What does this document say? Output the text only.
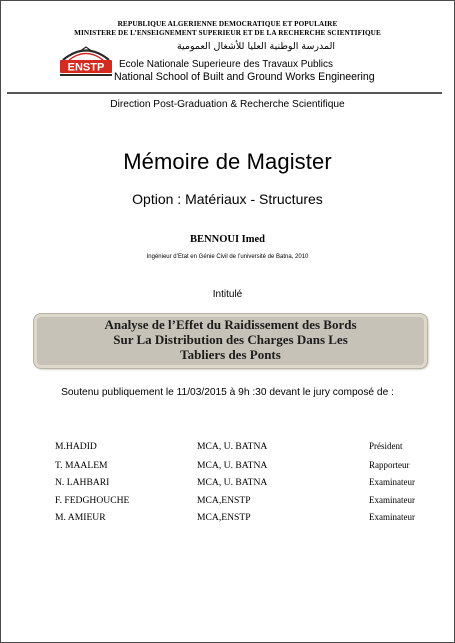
REPUBLIQUE ALGERIENNE DEMOCRATIQUE ET POPULAIRE
MINISTERE DE L’ENSEIGNEMENT SUPERIEUR ET DE LA RECHERCHE SCIENTIFIQUE
المدرسة الوطنية العليا للأشغال العمومية
ENSTP Ecole Nationale Superieure des Travaux Publics
National School of Built and Ground Works Engineering
Direction Post-Graduation & Recherche Scientifique
Mémoire de Magister
Option : Matériaux - Structures
BENNOUI Imed
Ingénieur d’Etat en Génie Civil de l’université de Batna, 2010
Intitulé
Analyse de l’Effet du Raidissement des Bords
Sur La Distribution des Charges Dans Les
Tabliers des Ponts
Soutenu publiquement le 11/03/2015 à 9h :30 devant le jury composé de :
M.HADID	MCA, U. BATNA	Président
T. MAALEM	MCA, U. BATNA	Rapporteur
N. LAHBARI	MCA, U. BATNA	Examinateur
F. FEDGHOUCHE	MCA,ENSTP	Examinateur
M. AMIEUR	MCA,ENSTP	Examinateur
